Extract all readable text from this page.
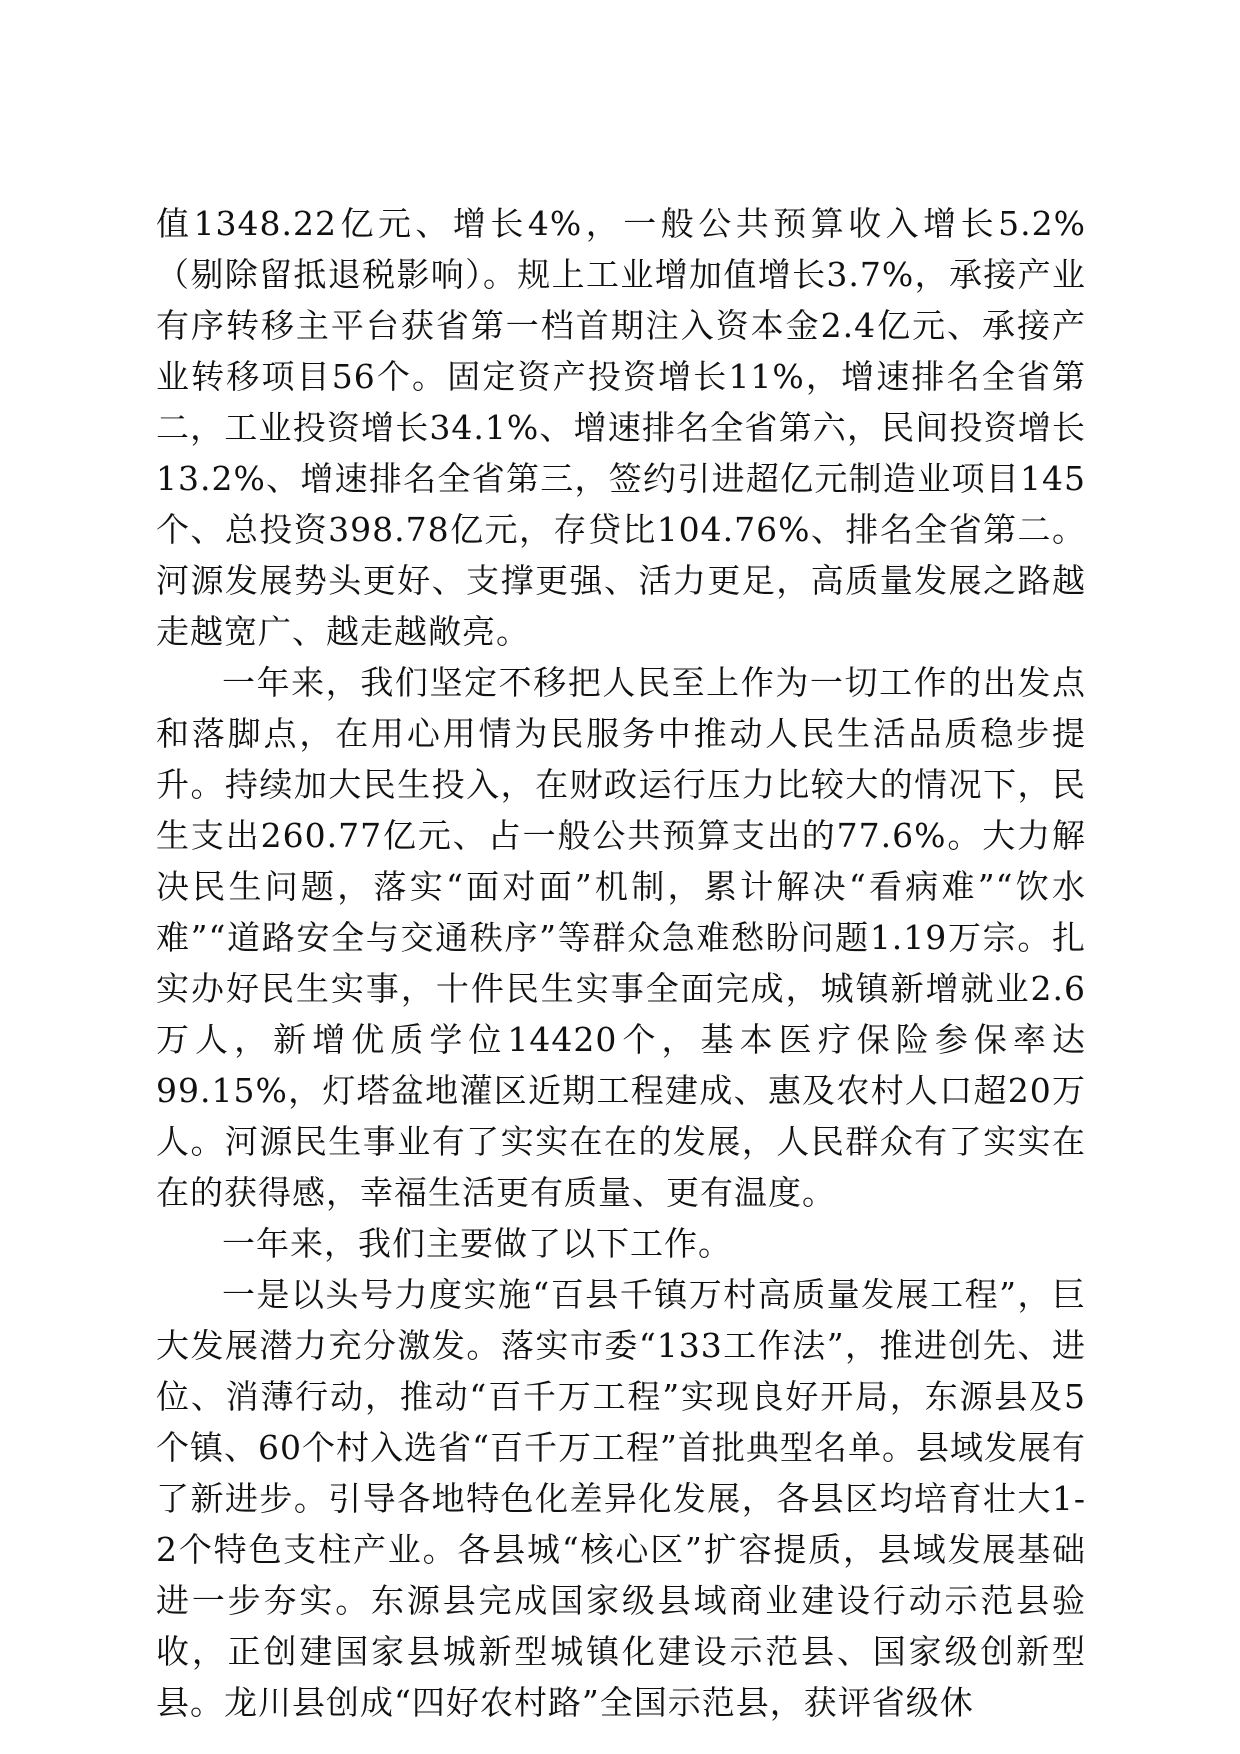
值1348.22亿元、增长4%，一般公共预算收入增长5.2%（剔除留抵退税影响）。规上工业增加值增长3.7%，承接产业有序转移主平台获省第一档首期注入资本金2.4亿元、承接产业转移项目56个。固定资产投资增长11%，增速排名全省第二，工业投资增长34.1%、增速排名全省第六，民间投资增长13.2%、增速排名全省第三，签约引进超亿元制造业项目145个、总投资398.78亿元，存贷比104.76%、排名全省第二。河源发展势头更好、支撑更强、活力更足，高质量发展之路越走越宽广、越走越敞亮。

一年来，我们坚定不移把人民至上作为一切工作的出发点和落脚点，在用心用情为民服务中推动人民生活品质稳步提升。持续加大民生投入，在财政运行压力比较大的情况下，民生支出260.77亿元、占一般公共预算支出的77.6%。大力解决民生问题，落实“面对面”机制，累计解决“看病难”“饮水难”“道路安全与交通秩序”等群众急难愁盼问题1.19万宗。扎实办好民生实事，十件民生实事全面完成，城镇新增就业2.6万人，新增优质学位14420个，基本医疗保险参保率达99.15%，灯塔盆地灌区近期工程建成、惠及农村人口超20万人。河源民生事业有了实实在在的发展，人民群众有了实实在在的获得感，幸福生活更有质量、更有温度。

一年来，我们主要做了以下工作。

一是以头号力度实施“百县千镇万村高质量发展工程”，巨大发展潜力充分激发。落实市委“133工作法”，推进创先、进位、消薄行动，推动“百千万工程”实现良好开局，东源县及5个镇、60个村入选省“百千万工程”首批典型名单。县域发展有了新进步。引导各地特色化差异化发展，各县区均培育壮大1-2个特色支柱产业。各县城“核心区”扩容提质，县域发展基础进一步夯实。东源县完成国家级县域商业建设行动示范县验收，正创建国家县城新型城镇化建设示范县、国家级创新型县。龙川县创成“四好农村路”全国示范县，获评省级休
